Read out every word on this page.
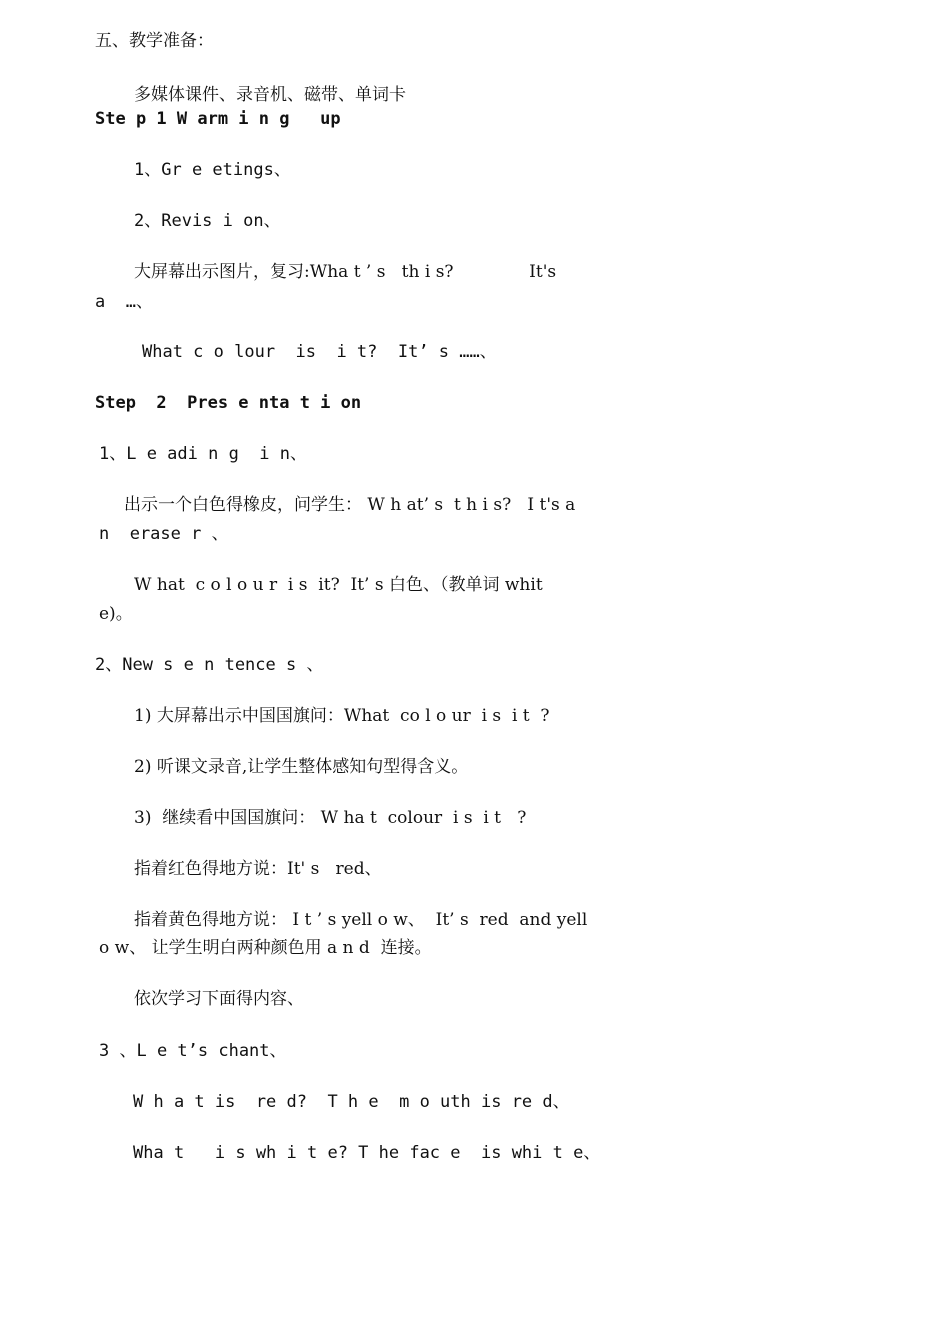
五、教学准备：
多媒体课件、录音机、磁带、单词卡
Ste p 1 W arm i n g   up
1、Gr e etings、
2、Revis i on、
大屏幕出示图片，复习:Wha t ’ s   th i s?              It's
a  …、
What c o lour  is  i t?  It’ s ……、
Step  2  Pres e nta t i on
1、L e adi n g  i n、
出示一个白色得橡皮，问学生： W h at’ s  t h i s?   I t's a
n  erase r 、
W hat  c o l o u r  i s  it?  It’ s 白色、（教单词 whit
e)。
2、New s e n tence s 、
1) 大屏幕出示中国国旗问：What  co l o ur  i s  i t  ?
2) 听课文录音,让学生整体感知句型得含义。
3)  继续看中国国旗问： W ha t  colour  i s  i t   ?
指着红色得地方说：It' s   red、
指着黄色得地方说： I t ’ s yell o w、  It’ s  red  and yell
o w、 让学生明白两种颜色用 a n d  连接。
依次学习下面得内容、
3 、L e t’s chant、
W h a t is  re d?  T h e  m o uth is re d、
Wha t   i s wh i t e? T he fac e  is whi t e、
